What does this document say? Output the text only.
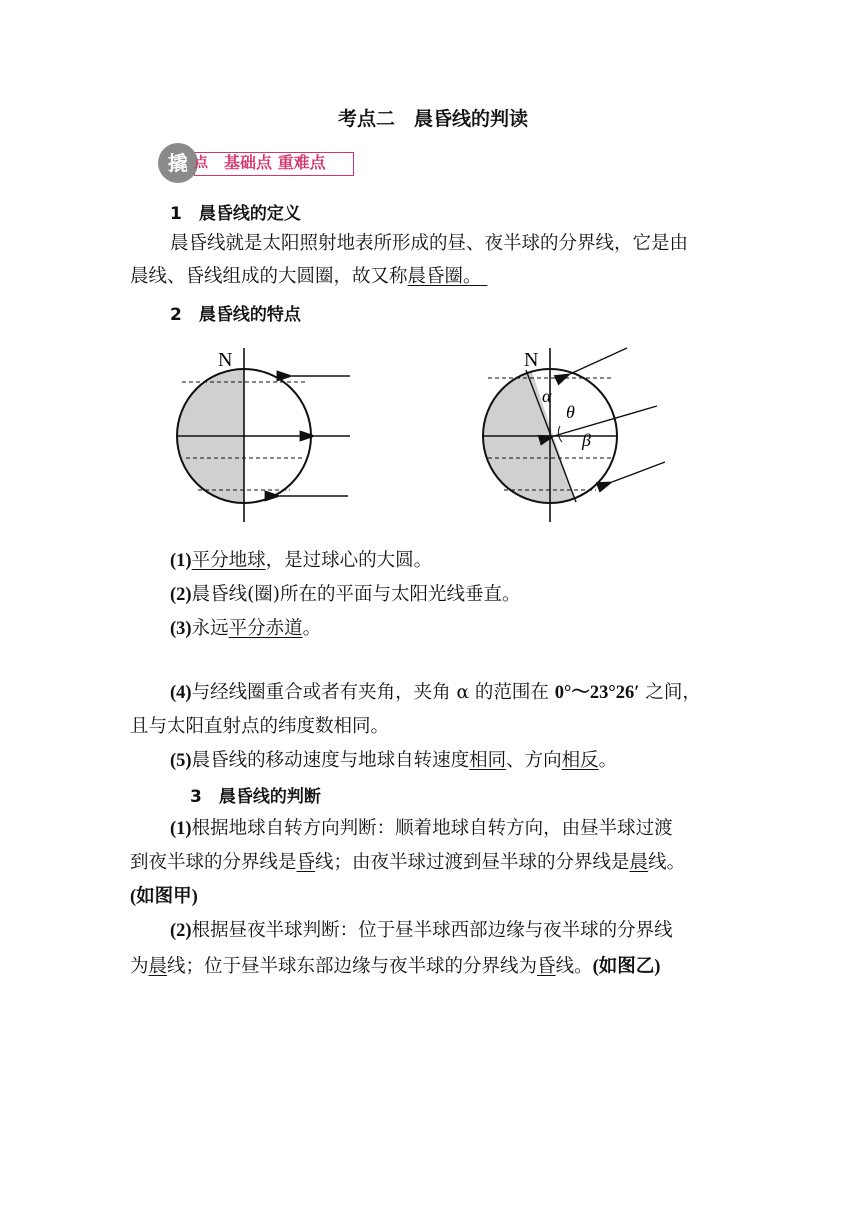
考点二　晨昏线的判读
撬 点 基础点 重难点
1　晨昏线的定义
晨昏线就是太阳照射地表所形成的昼、夜半球的分界线，它是由
晨线、昏线组成的大圆圈，故又称晨昏圈。
2　晨昏线的特点
N	N
α
θ
β
(1)平分地球，是过球心的大圆。
(2)晨昏线(圈)所在的平面与太阳光线垂直。
(3)永远平分赤道。
(4)与经线圈重合或者有夹角，夹角 α 的范围在 0°～23°26′ 之间，
且与太阳直射点的纬度数相同。
(5)晨昏线的移动速度与地球自转速度相同、方向相反。
3　晨昏线的判断
(1)根据地球自转方向判断：顺着地球自转方向，由昼半球过渡
到夜半球的分界线是昏线；由夜半球过渡到昼半球的分界线是晨线。
(如图甲)
(2)根据昼夜半球判断：位于昼半球西部边缘与夜半球的分界线
为晨线；位于昼半球东部边缘与夜半球的分界线为昏线。(如图乙)
